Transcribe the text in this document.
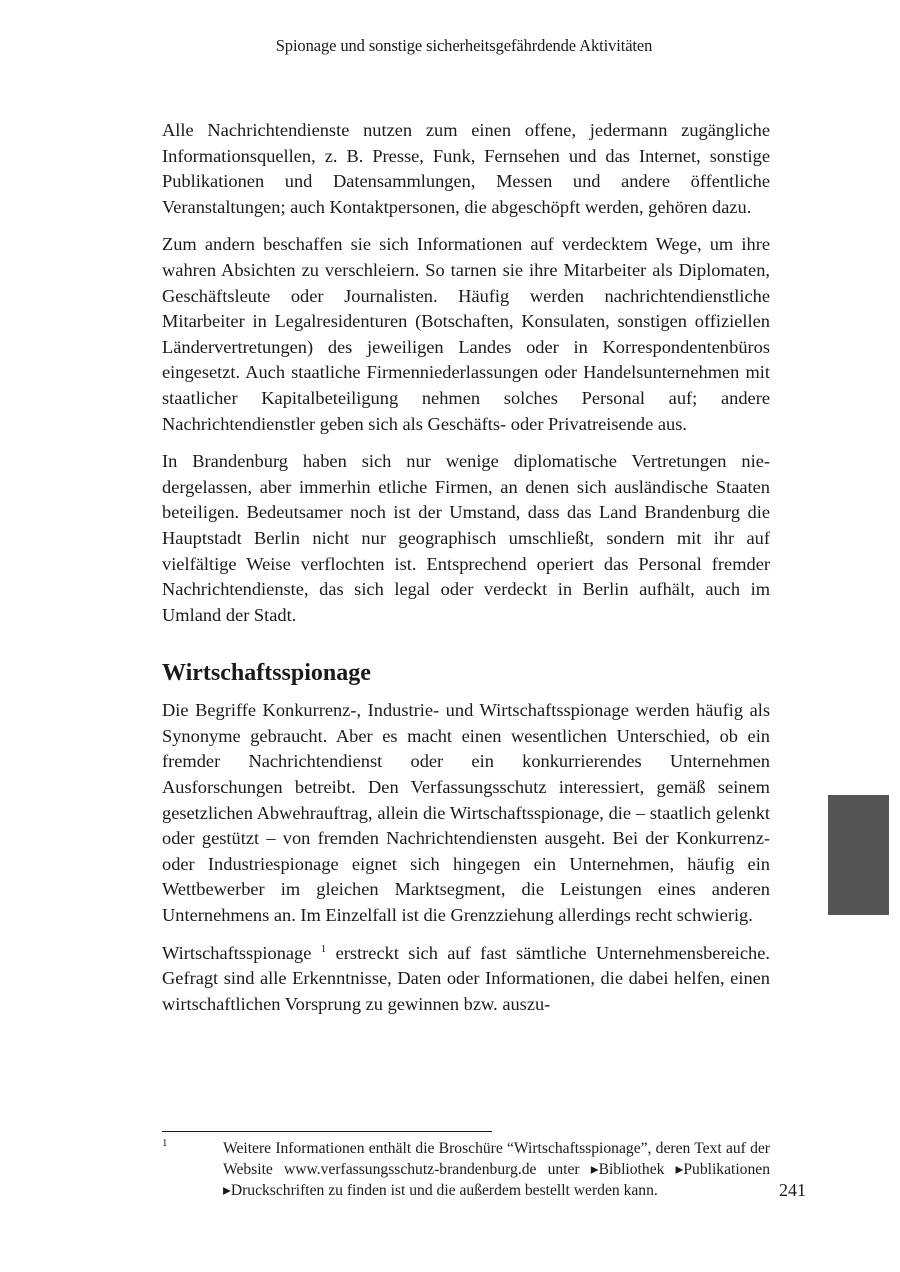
Spionage und sonstige sicherheitsgefährdende Aktivitäten

Alle Nachrichtendienste nutzen zum einen offene, jedermann zugängliche Informationsquellen, z. B. Presse, Funk, Fernsehen und das Internet, sonstige Publikationen und Datensammlungen, Messen und andere öffentliche Veranstaltungen; auch Kontaktpersonen, die abgeschöpft werden, gehören dazu.

Zum andern beschaffen sie sich Informationen auf verdecktem Wege, um ihre wahren Absichten zu verschleiern. So tarnen sie ihre Mitarbeiter als Diplomaten, Geschäftsleute oder Journalisten. Häufig werden nachrichtendienstliche Mitarbeiter in Legalresidenturen (Botschaften, Konsulaten, sonstigen offiziellen Ländervertretungen) des jeweiligen Landes oder in Korrespondentenbüros eingesetzt. Auch staatliche Firmenniederlassungen oder Handelsunternehmen mit staatlicher Kapitalbeteiligung nehmen solches Personal auf; andere Nachrichtendienstler geben sich als Geschäfts- oder Privatreisende aus.

In Brandenburg haben sich nur wenige diplomatische Vertretungen niedergelassen, aber immerhin etliche Firmen, an denen sich ausländische Staaten beteiligen. Bedeutsamer noch ist der Umstand, dass das Land Brandenburg die Hauptstadt Berlin nicht nur geographisch umschließt, sondern mit ihr auf vielfältige Weise verflochten ist. Entsprechend operiert das Personal fremder Nachrichtendienste, das sich legal oder verdeckt in Berlin aufhält, auch im Umland der Stadt.

Wirtschaftsspionage

Die Begriffe Konkurrenz-, Industrie- und Wirtschaftsspionage werden häufig als Synonyme gebraucht. Aber es macht einen wesentlichen Unterschied, ob ein fremder Nachrichtendienst oder ein konkurrierendes Unternehmen Ausforschungen betreibt. Den Verfassungsschutz interessiert, gemäß seinem gesetzlichen Abwehrauftrag, allein die Wirtschaftsspionage, die – staatlich gelenkt oder gestützt – von fremden Nachrichtendiensten ausgeht. Bei der Konkurrenz- oder Industriespionage eignet sich hingegen ein Unternehmen, häufig ein Wettbewerber im gleichen Marktsegment, die Leistungen eines anderen Unternehmens an. Im Einzelfall ist die Grenzziehung allerdings recht schwierig.

Wirtschaftsspionage $^1$ erstreckt sich auf fast sämtliche Unternehmensbereiche. Gefragt sind alle Erkenntnisse, Daten oder Informationen, die dabei helfen, einen wirtschaftlichen Vorsprung zu gewinnen bzw. auszu-

1	Weitere Informationen enthält die Broschüre “Wirtschaftsspionage”, deren Text auf der Website www.verfassungsschutz-brandenburg.de unter ▸Bibliothek ▸Publikationen ▸Druckschriften zu finden ist und die außerdem bestellt werden kann.	241
